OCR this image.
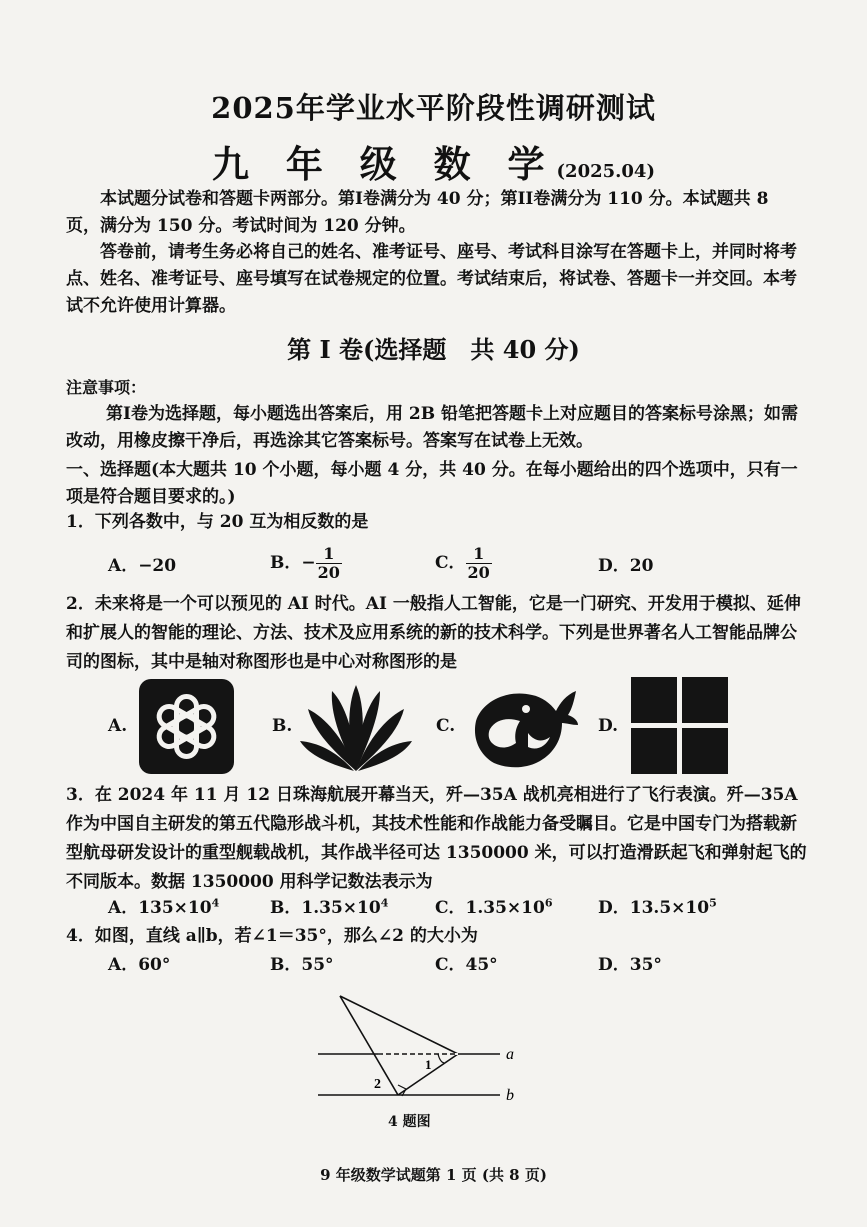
2025年学业水平阶段性调研测试
九 年 级 数 学(2025.04)
本试题分试卷和答题卡两部分。第I卷满分为 40 分；第II卷满分为 110 分。本试题共 8 页，满分为 150 分。考试时间为 120 分钟。
答卷前，请考生务必将自己的姓名、准考证号、座号、考试科目涂写在答题卡上，并同时将考点、姓名、准考证号、座号填写在试卷规定的位置。考试结束后，将试卷、答题卡一并交回。本考试不允许使用计算器。
第 I 卷(选择题　共 40 分)
注意事项：
第I卷为选择题，每小题选出答案后，用 2B 铅笔把答题卡上对应题目的答案标号涂黑；如需改动，用橡皮擦干净后，再选涂其它答案标号。答案写在试卷上无效。
一、选择题(本大题共 10 个小题，每小题 4 分，共 40 分。在每小题给出的四个选项中，只有一项是符合题目要求的。)
1．下列各数中，与 20 互为相反数的是
A．−20	B．− $\frac{1}{20}$	C． $\frac{1}{20}$	D．20
2．未来将是一个可以预见的 AI 时代。AI 一般指人工智能，它是一门研究、开发用于模拟、延伸和扩展人的智能的理论、方法、技术及应用系统的新的技术科学。下列是世界著名人工智能品牌公司的图标，其中是轴对称图形也是中心对称图形的是
A.	B.	C.	D.
3．在 2024 年 11 月 12 日珠海航展开幕当天，歼—35A 战机亮相进行了飞行表演。歼—35A 作为中国自主研发的第五代隐形战斗机，其技术性能和作战能力备受瞩目。它是中国专门为搭载新型航母研发设计的重型舰载战机，其作战半径可达 1350000 米，可以打造滑跃起飞和弹射起飞的不同版本。数据 1350000 用科学记数法表示为
A．$135\times 10^4$	B．$1.35\times 10^4$	C．$1.35\times 10^6$	D．$13.5\times 10^5$
4．如图，直线 a∥b，若∠1＝35°，那么∠2 的大小为
A．60°	B．55°	C．45°	D．35°
1
2
a
b
4 题图
9 年级数学试题第 1 页 (共 8 页)
